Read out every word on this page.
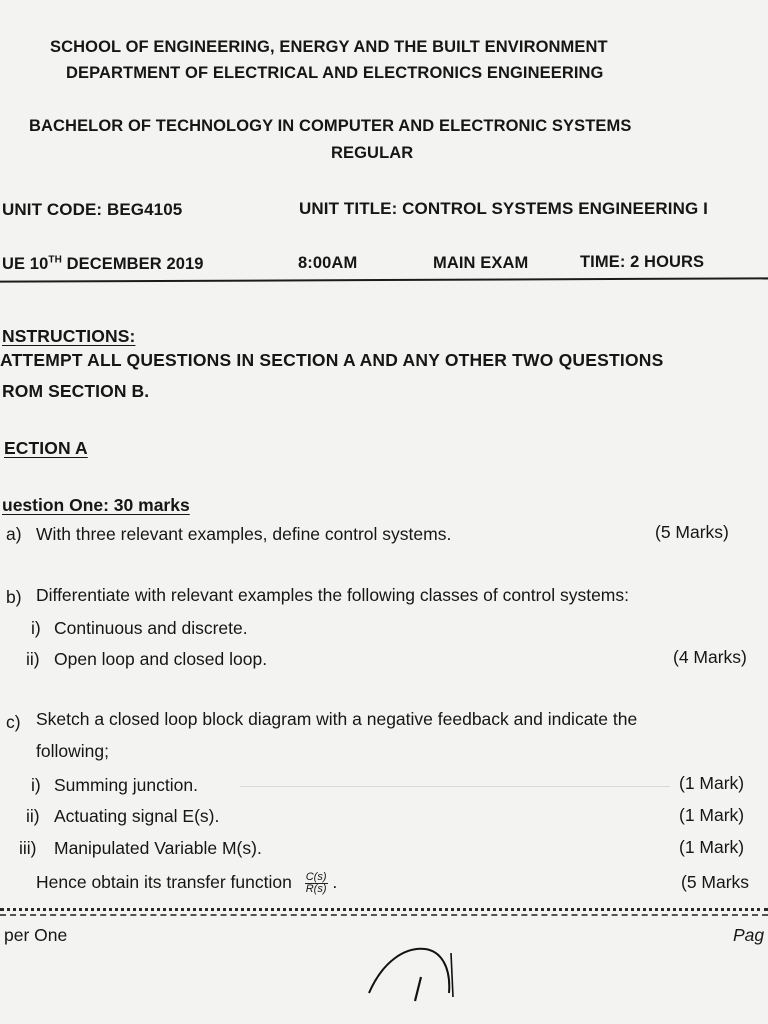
SCHOOL OF ENGINEERING, ENERGY AND THE BUILT ENVIRONMENT
DEPARTMENT OF ELECTRICAL AND ELECTRONICS ENGINEERING
BACHELOR OF TECHNOLOGY IN COMPUTER AND ELECTRONIC SYSTEMS
REGULAR
UNIT CODE: BEG4105	UNIT TITLE: CONTROL SYSTEMS ENGINEERING I
UE 10TH DECEMBER 2019	8:00AM	MAIN EXAM	TIME: 2 HOURS
NSTRUCTIONS:
ATTEMPT ALL QUESTIONS IN SECTION A AND ANY OTHER TWO QUESTIONS
ROM SECTION B.
ECTION A
uestion One: 30 marks
a) With three relevant examples, define control systems.	(5 Marks)
b) Differentiate with relevant examples the following classes of control systems:
i) Continuous and discrete.
ii) Open loop and closed loop.	(4 Marks)
c) Sketch a closed loop block diagram with a negative feedback and indicate the
following;
i) Summing junction.	(1 Mark)
ii) Actuating signal E(s).	(1 Mark)
iii) Manipulated Variable M(s).	(1 Mark)
Hence obtain its transfer function $\frac{C(s)}{R(s)}$ .	(5 Marks
per One	Pag
